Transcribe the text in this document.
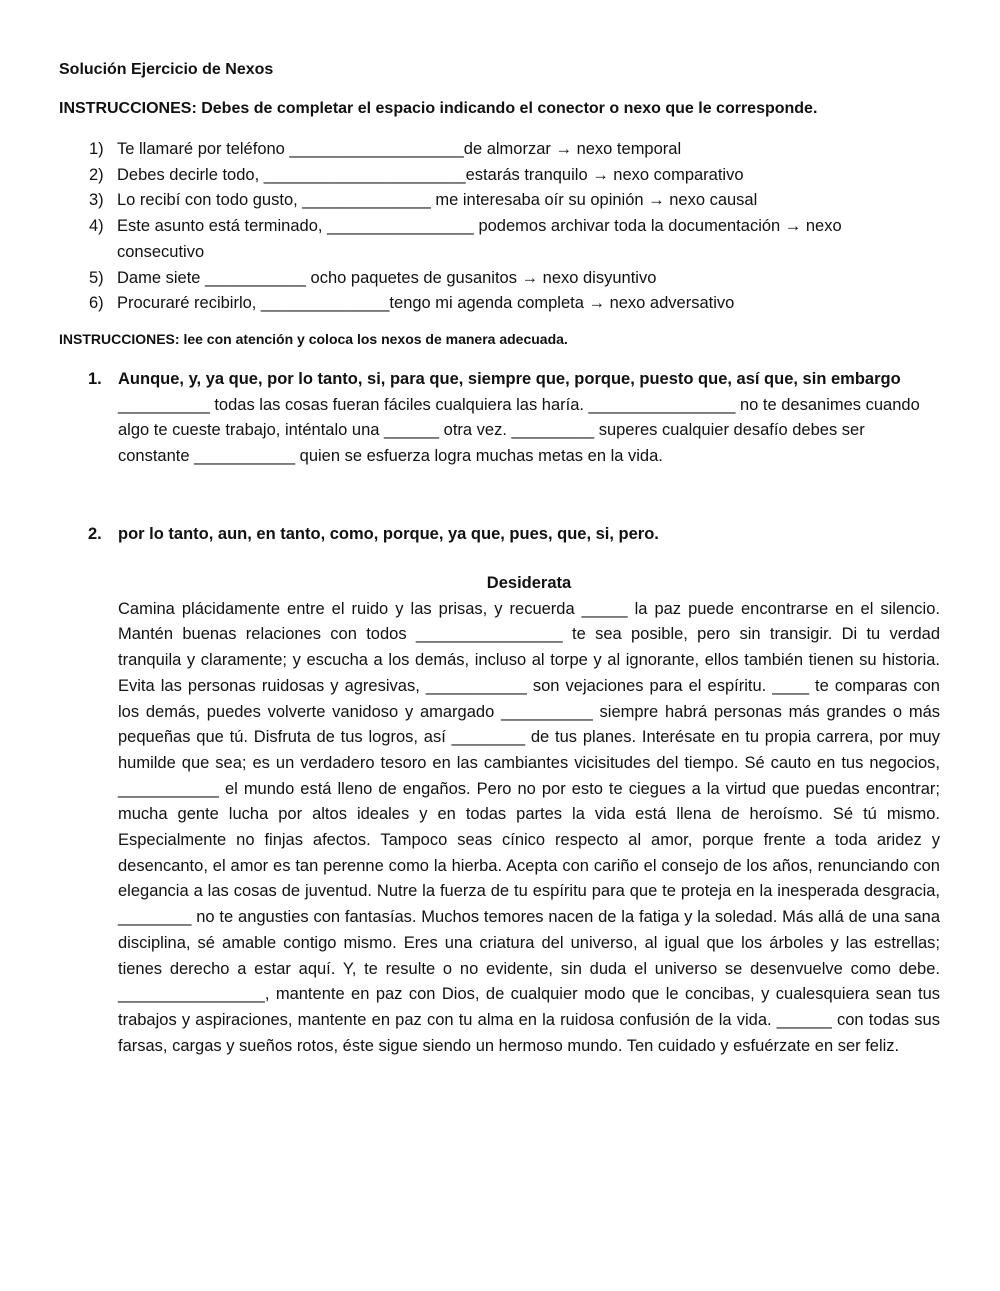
Solución Ejercicio de Nexos
INSTRUCCIONES: Debes de completar el espacio indicando el conector o nexo que le corresponde.
1) Te llamaré por teléfono ___________________de almorzar → nexo temporal
2) Debes decirle todo, ______________________estarás tranquilo → nexo comparativo
3) Lo recibí con todo gusto, ______________ me interesaba oír su opinión → nexo causal
4) Este asunto está terminado, ________________ podemos archivar toda la documentación → nexo consecutivo
5) Dame siete ___________ ocho paquetes de gusanitos → nexo disyuntivo
6) Procuraré recibirlo, ______________tengo mi agenda completa → nexo adversativo
INSTRUCCIONES: lee con atención y coloca los nexos de manera adecuada.
1. Aunque, y, ya que, por lo tanto, si, para que, siempre que, porque, puesto que, así que, sin embargo
__________ todas las cosas fueran fáciles cualquiera las haría. ________________ no te desanimes cuando algo te cueste trabajo, inténtalo una ______ otra vez. _________ superes cualquier desafío debes ser constante ___________ quien se esfuerza logra muchas metas en la vida.
2. por lo tanto, aun, en tanto, como, porque, ya que, pues, que, si, pero.
Desiderata
Camina plácidamente entre el ruido y las prisas, y recuerda _____ la paz puede encontrarse en el silencio. Mantén buenas relaciones con todos ________________ te sea posible, pero sin transigir. Di tu verdad tranquila y claramente; y escucha a los demás, incluso al torpe y al ignorante, ellos también tienen su historia. Evita las personas ruidosas y agresivas, ___________ son vejaciones para el espíritu. ____ te comparas con los demás, puedes volverte vanidoso y amargado __________ siempre habrá personas más grandes o más pequeñas que tú. Disfruta de tus logros, así ________ de tus planes. Interésate en tu propia carrera, por muy humilde que sea; es un verdadero tesoro en las cambiantes vicisitudes del tiempo. Sé cauto en tus negocios, ___________ el mundo está lleno de engaños. Pero no por esto te ciegues a la virtud que puedas encontrar; mucha gente lucha por altos ideales y en todas partes la vida está llena de heroísmo. Sé tú mismo. Especialmente no finjas afectos. Tampoco seas cínico respecto al amor, porque frente a toda aridez y desencanto, el amor es tan perenne como la hierba. Acepta con cariño el consejo de los años, renunciando con elegancia a las cosas de juventud. Nutre la fuerza de tu espíritu para que te proteja en la inesperada desgracia, ________ no te angusties con fantasías. Muchos temores nacen de la fatiga y la soledad. Más allá de una sana disciplina, sé amable contigo mismo. Eres una criatura del universo, al igual que los árboles y las estrellas; tienes derecho a estar aquí. Y, te resulte o no evidente, sin duda el universo se desenvuelve como debe. ________________, mantente en paz con Dios, de cualquier modo que le concibas, y cualesquiera sean tus trabajos y aspiraciones, mantente en paz con tu alma en la ruidosa confusión de la vida. ______ con todas sus farsas, cargas y sueños rotos, éste sigue siendo un hermoso mundo. Ten cuidado y esfuérzate en ser feliz.
